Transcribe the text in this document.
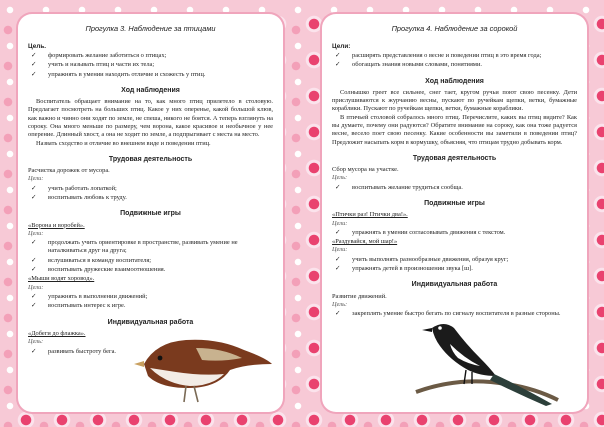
Прогулка 3. Наблюдение за птицами
Цель.
✓ формировать желание заботиться о птицах;
✓ учить и называть птиц и части их тела;
✓ упражнять в умении находить отличие и схожесть у птиц.
Ход наблюдения

Воспитатель обращает внимание на то, как много птиц прилетело в столовую. Предлагает посмотреть на больших птиц. Какое у них оперенье, какой большой клюв, как важно и чинно они ходят по земле, не спеша, никого не боятся. А теперь взглянуть на сороку. Она много меньше по размеру, чем ворона, какое красивое и необычное у нее оперение. Длинный хвост, а она не ходит по земле, а подпрыгивает с места на место.

Назвать сходство и отличие во внешнем виде и поведении птиц.

Трудовая деятельность
Расчистка дорожек от мусора.
Цели:
✓ учить работать лопаткой;
✓ воспитывать любовь к труду.
Подвижные игры
«Ворона и воробей».
Цели:
✓ продолжать учить ориентировке в пространстве, развивать умение не наталкиваться друг на друга;
✓ вслушиваться в команду воспитателя;
✓ воспитывать дружеские взаимоотношения.
«Мыши водят хоровод».
Цели:
✓ упражнять в выполнении движений;
✓ воспитывать интерес к игре.
Индивидуальная работа
«Добеги до флажка».
Цель:
✓ развивать быстроту бега.
Прогулка 4. Наблюдение за сорокой
Цели:
✓ расширять представления о весне и поведении птиц в это время года;
✓ обогащать знания новыми словами, понятиями.
Ход наблюдения

Солнышко греет все сильнее, снег тает, кругом ручьи поют свою песенку. Дети прислушиваются к журчанию весны, пускают по ручейкам щепки, ветки, бумажные кораблики. Пускают по ручейкам щепки, ветки, бумажные кораблики.

В птичьей столовой собралось много птиц. Перечислите, каких вы птиц видите? Как вы думаете, почему они радуются? Обратите внимание на сороку, как она тоже радуется весне, весело поет свою песенку. Какие особенности вы заметили в поведении птиц? Предложит насыпать корм в кормушку, объясняя, что птицам трудно добывать корм.

Трудовая деятельность
Сбор мусора на участке.
Цель:
✓ воспитывать желание трудиться сообща.
Подвижные игры
«Птички раз! Птички два!».
Цели:
✓ упражнять в умении согласовывать движения с текстом.
«Раздувайся, мой шар!»
Цели:
✓ учить выполнять разнообразные движения, образуя круг;
✓ упражнять детей в произношении звука [ш].
Индивидуальная работа
Развитие движений.
Цель:
✓ закреплять умение быстро бегать по сигналу воспитателя в разные стороны.
